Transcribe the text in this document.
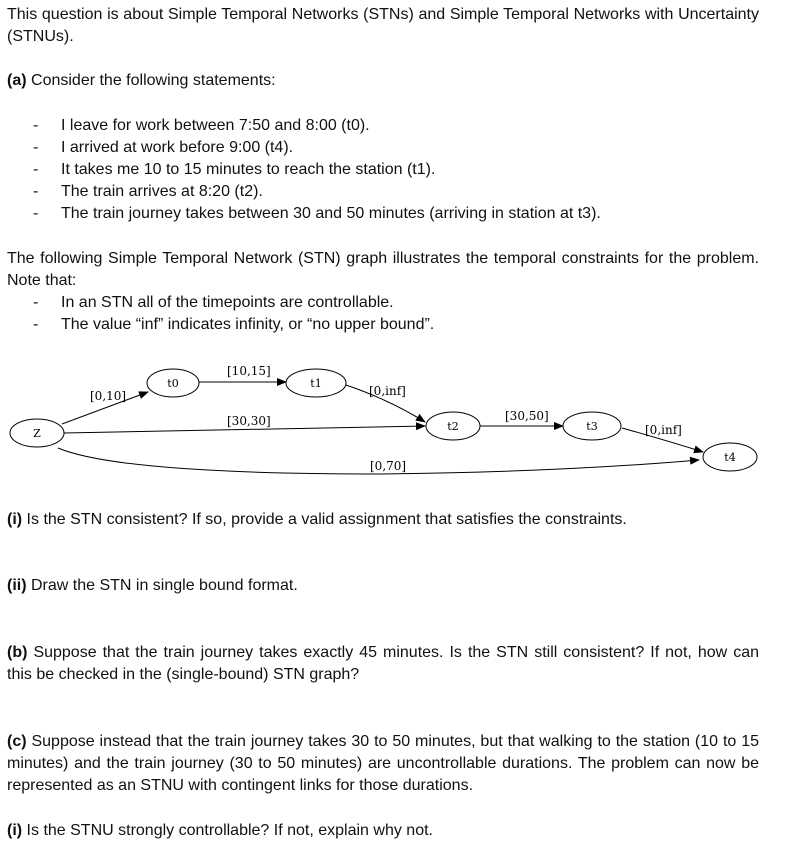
This question is about Simple Temporal Networks (STNs) and Simple Temporal Networks with Uncertainty (STNUs).

(a) Consider the following statements:

- I leave for work between 7:50 and 8:00 (t0).
- I arrived at work before 9:00 (t4).
- It takes me 10 to 15 minutes to reach the station (t1).
- The train arrives at 8:20 (t2).
- The train journey takes between 30 and 50 minutes (arriving in station at t3).

The following Simple Temporal Network (STN) graph illustrates the temporal constraints for the problem. Note that:

- In an STN all of the timepoints are controllable.
- The value “inf” indicates infinity, or “no upper bound”.
Z
t0	t1
t2	t3
t4
[0,10]
[10,15]
[0,inf]
[30,30]	[30,50]
[0,inf]
[0,70]

(i) Is the STN consistent? If so, provide a valid assignment that satisfies the constraints.

(ii) Draw the STN in single bound format.

(b) Suppose that the train journey takes exactly 45 minutes. Is the STN still consistent? If not, how can this be checked in the (single-bound) STN graph?

(c) Suppose instead that the train journey takes 30 to 50 minutes, but that walking to the station (10 to 15 minutes) and the train journey (30 to 50 minutes) are uncontrollable durations. The problem can now be represented as an STNU with contingent links for those durations.

(i) Is the STNU strongly controllable? If not, explain why not.
